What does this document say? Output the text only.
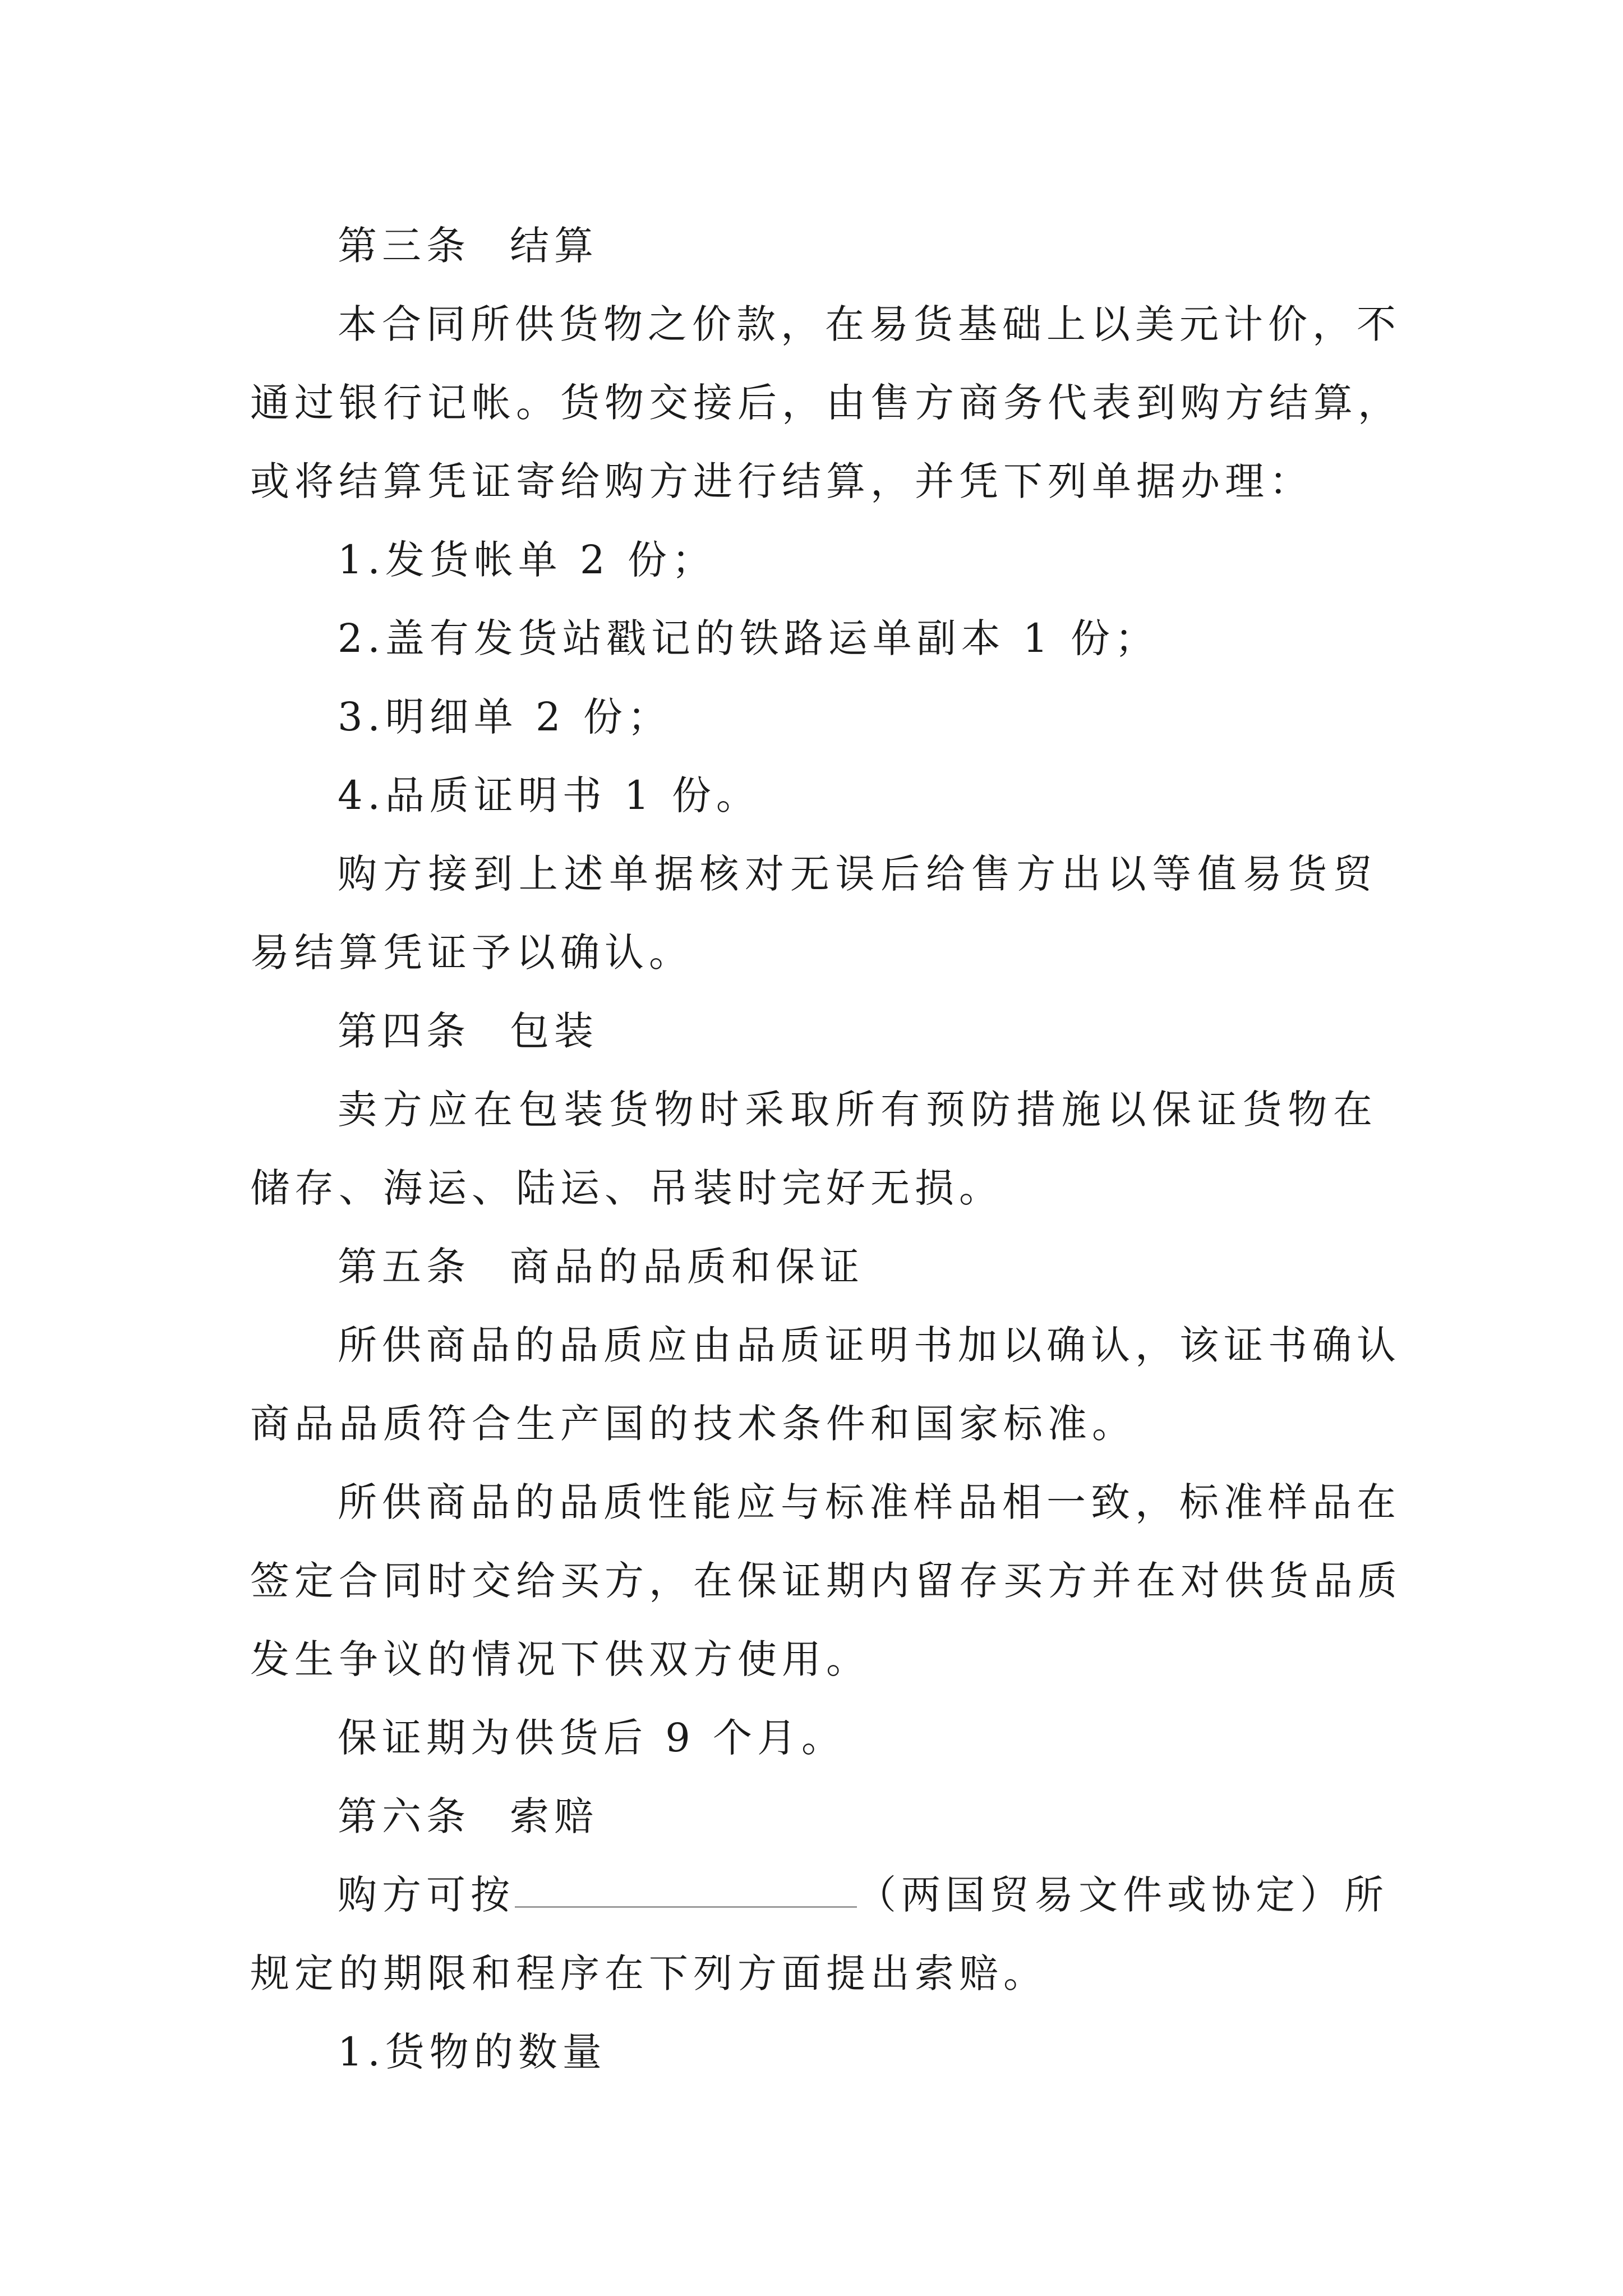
第三条 结算
本合同所供货物之价款，在易货基础上以美元计价，不
通过银行记帐。货物交接后，由售方商务代表到购方结算，
或将结算凭证寄给购方进行结算，并凭下列单据办理：
1.发货帐单 2 份；
2.盖有发货站戳记的铁路运单副本 1 份；
3.明细单 2 份；
4.品质证明书 1 份。
购方接到上述单据核对无误后给售方出以等值易货贸
易结算凭证予以确认。
第四条 包装
卖方应在包装货物时采取所有预防措施以保证货物在
储存、海运、陆运、吊装时完好无损。
第五条 商品的品质和保证
所供商品的品质应由品质证明书加以确认，该证书确认
商品品质符合生产国的技术条件和国家标准。
所供商品的品质性能应与标准样品相一致，标准样品在
签定合同时交给买方，在保证期内留存买方并在对供货品质
发生争议的情况下供双方使用。
保证期为供货后 9 个月。
第六条 索赔
购方可按	（两国贸易文件或协定）所
规定的期限和程序在下列方面提出索赔。
1.货物的数量
